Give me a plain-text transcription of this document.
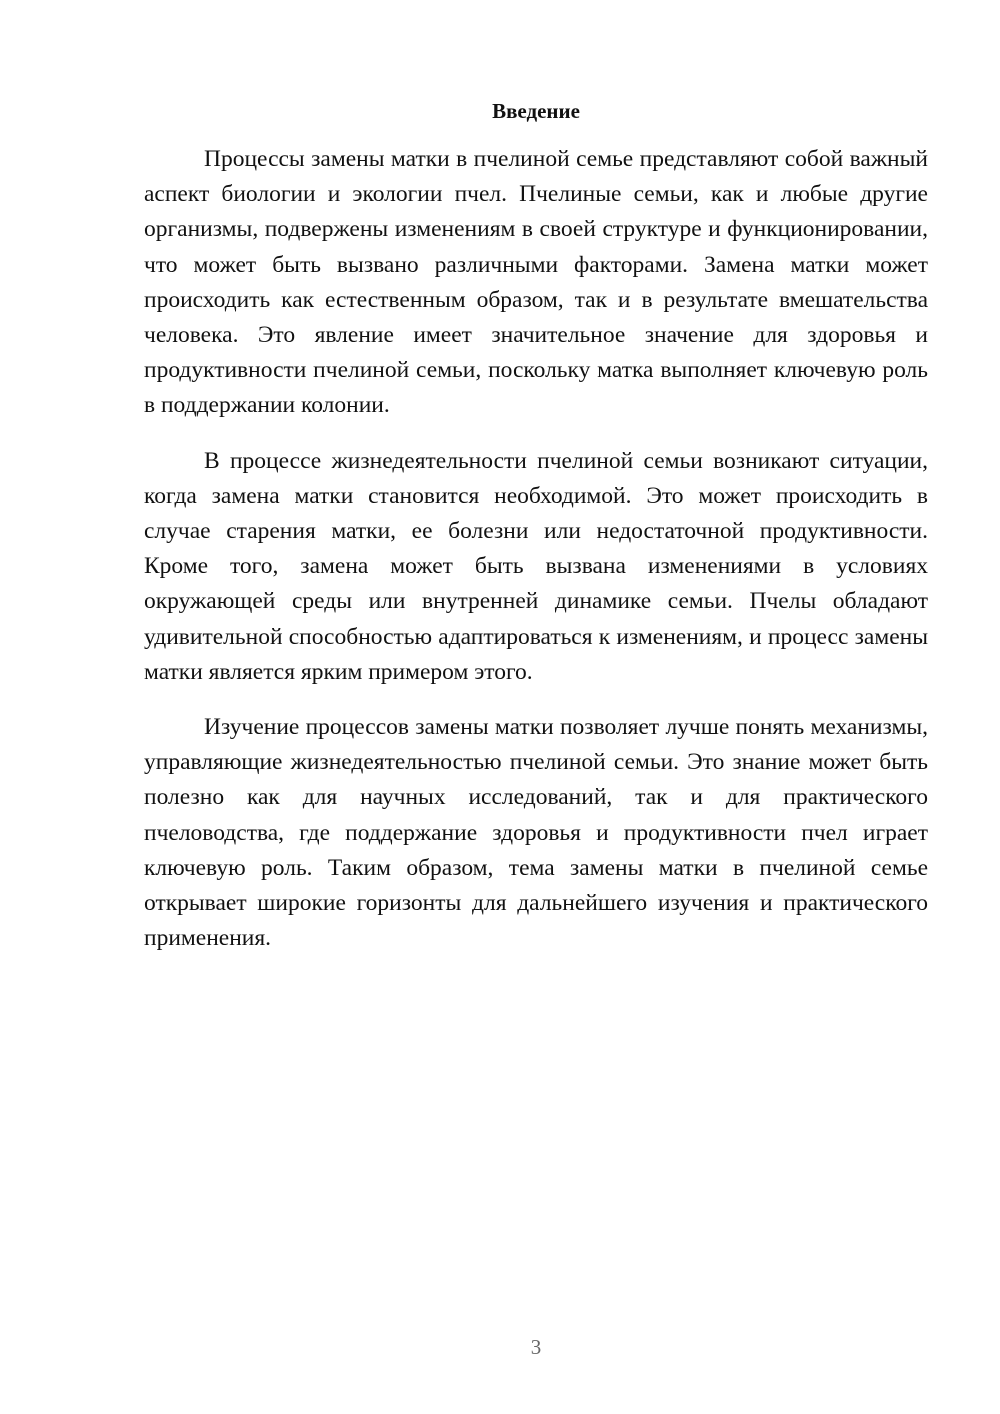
Введение

Процессы замены матки в пчелиной семье представляют собой важный аспект биологии и экологии пчел. Пчелиные семьи, как и любые другие организмы, подвержены изменениям в своей структуре и функционировании, что может быть вызвано различными факторами. Замена матки может происходить как естественным образом, так и в результате вмешательства человека. Это явление имеет значительное значение для здоровья и продуктивности пчелиной семьи, поскольку матка выполняет ключевую роль в поддержании колонии.

В процессе жизнедеятельности пчелиной семьи возникают ситуации, когда замена матки становится необходимой. Это может происходить в случае старения матки, ее болезни или недостаточной продуктивности. Кроме того, замена может быть вызвана изменениями в условиях окружающей среды или внутренней динамике семьи. Пчелы обладают удивительной способностью адаптироваться к изменениям, и процесс замены матки является ярким примером этого.

Изучение процессов замены матки позволяет лучше понять механизмы, управляющие жизнедеятельностью пчелиной семьи. Это знание может быть полезно как для научных исследований, так и для практического пчеловодства, где поддержание здоровья и продуктивности пчел играет ключевую роль. Таким образом, тема замены матки в пчелиной семье открывает широкие горизонты для дальнейшего изучения и практического применения.

3
